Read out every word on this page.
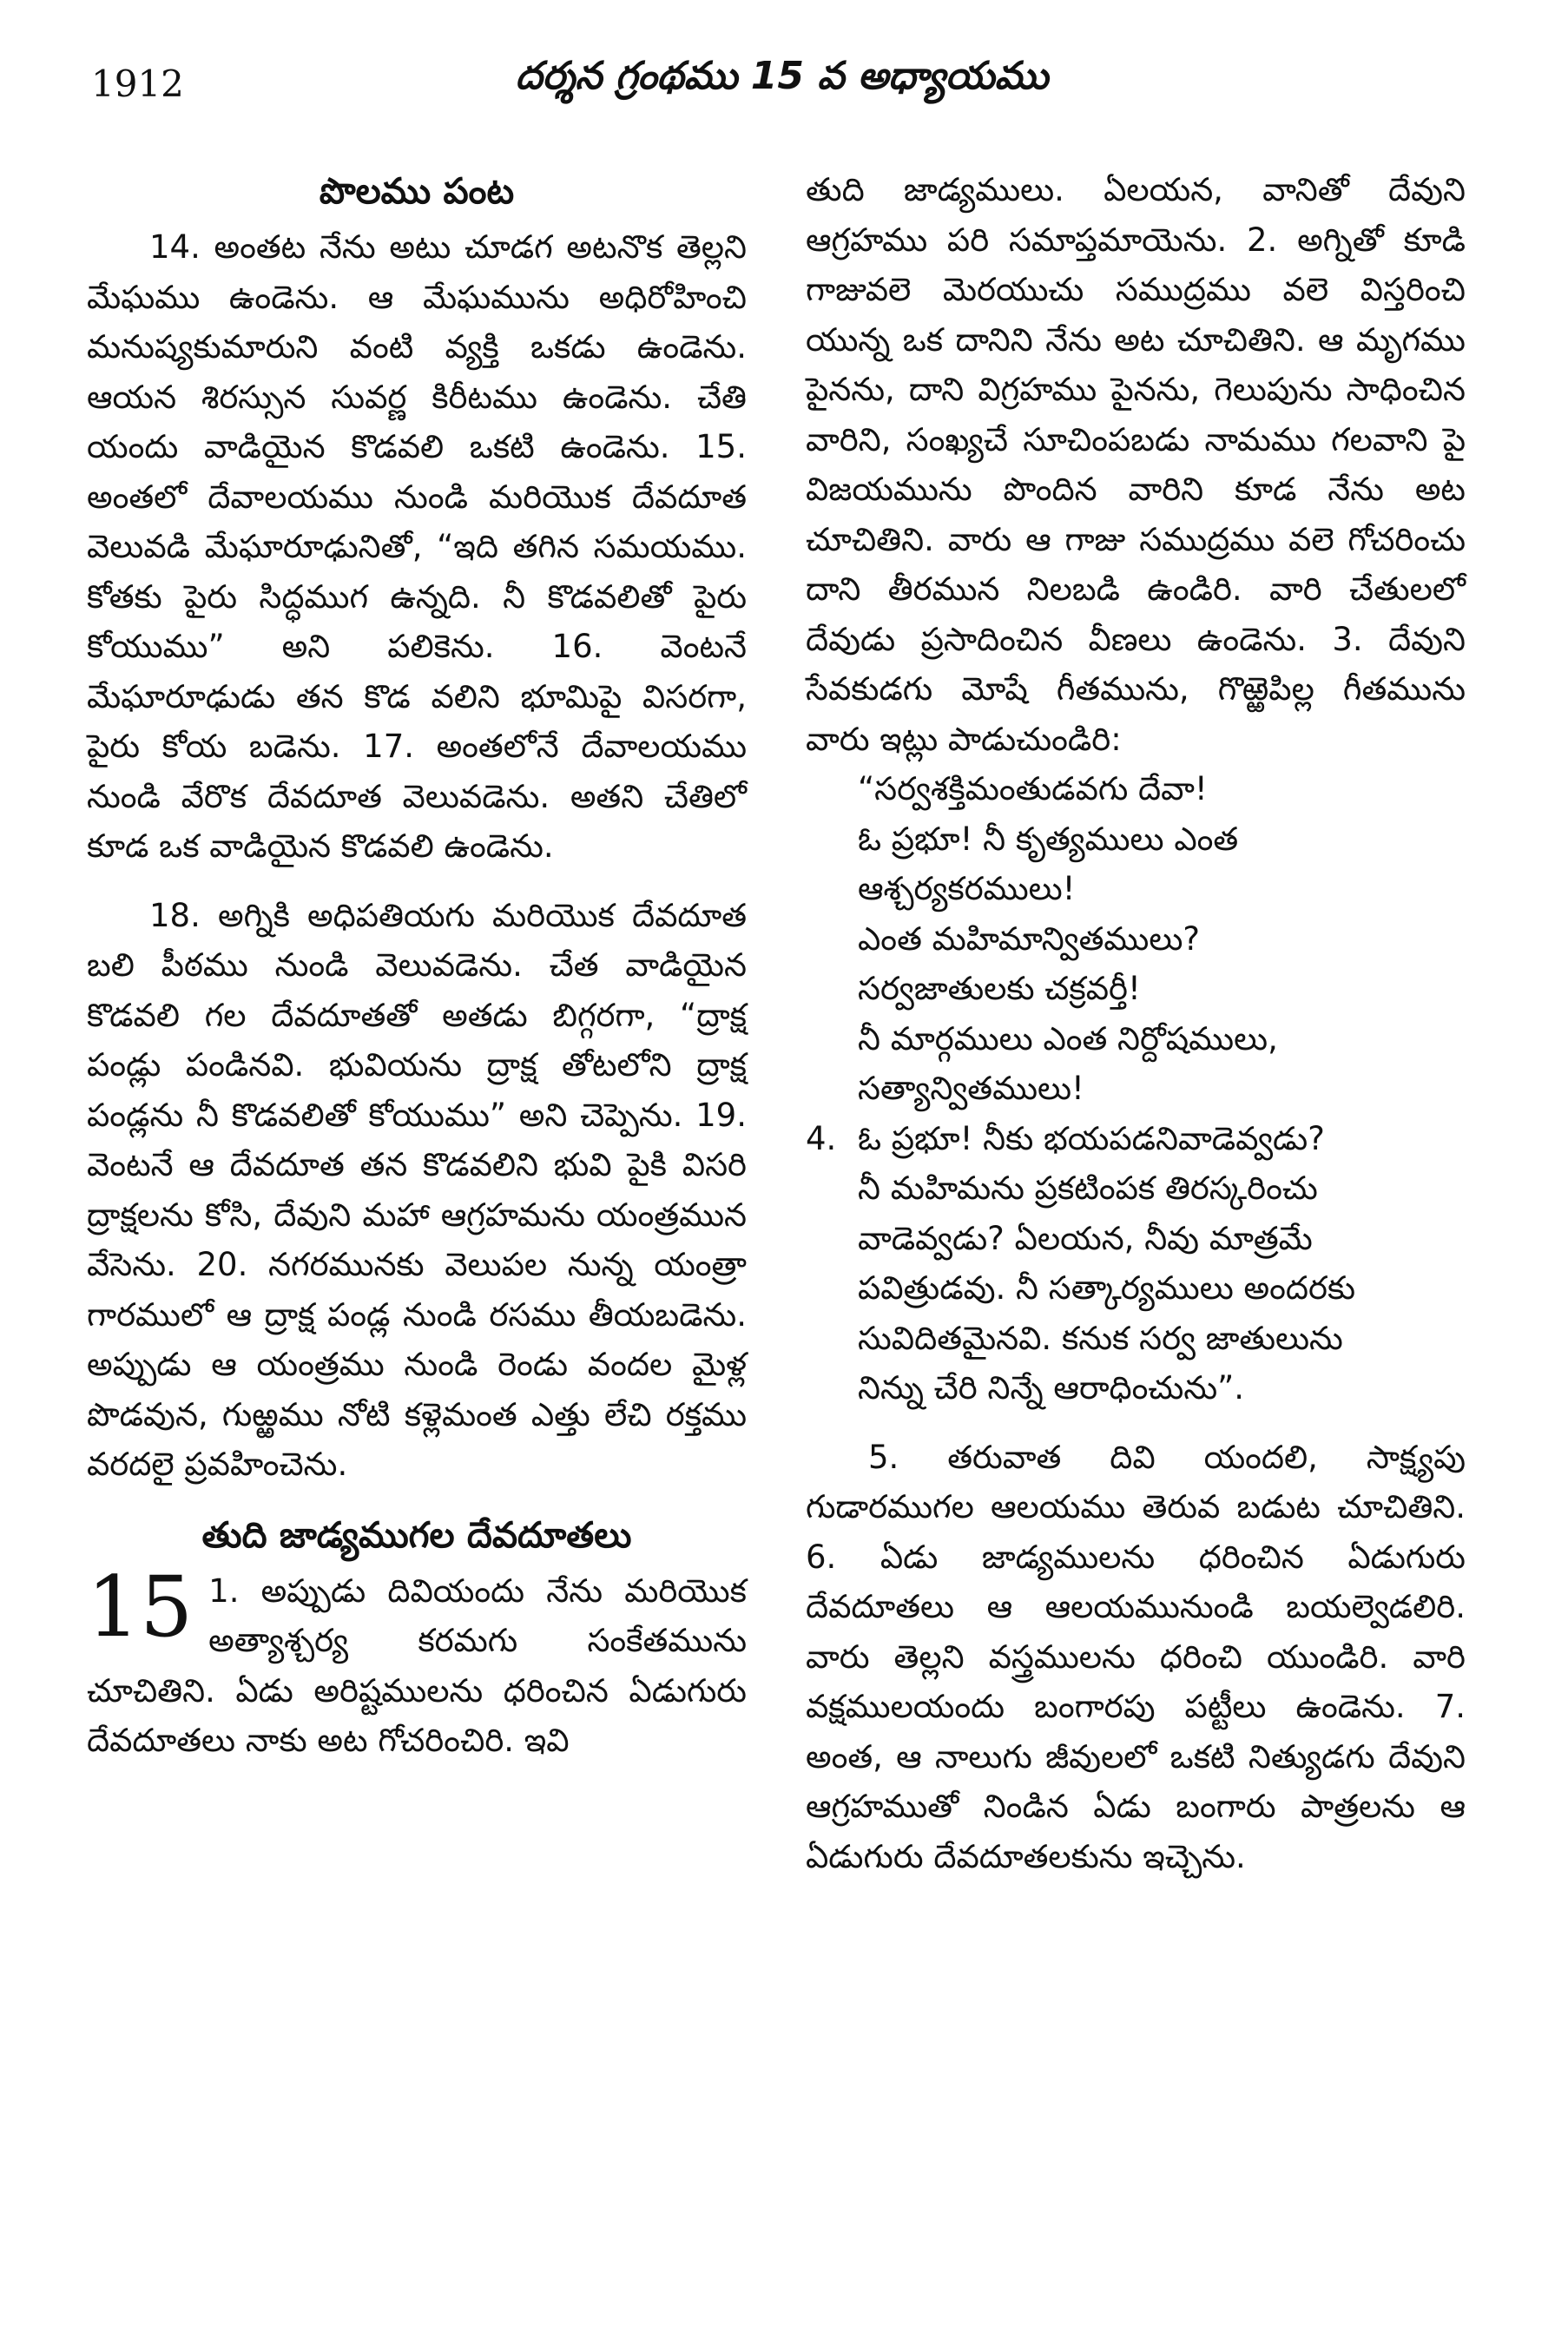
1912	దర్శన గ్రంథము 15 వ అధ్యాయము
పొలము పంట

14. అంతట నేను అటు చూడగ అటనొక తెల్లని మేఘము ఉండెను. ఆ మేఘమును అధిరోహించి మనుష్యకుమారుని వంటి వ్యక్తి ఒకడు ఉండెను. ఆయన శిరస్సున సువర్ణ కిరీటము ఉండెను. చేతి యందు వాడియైన కొడవలి ఒకటి ఉండెను. 15. అంతలో దేవాలయము నుండి మరియొక దేవదూత వెలువడి మేఘారూఢునితో, “ఇది తగిన సమయము. కోతకు పైరు సిద్ధముగ ఉన్నది. నీ కొడవలితో పైరు కోయుము” అని పలికెను. 16. వెంటనే మేఘారూఢుడు తన కొడ వలిని భూమిపై విసరగా, పైరు కోయ బడెను. 17. అంతలోనే దేవాలయము నుండి వేరొక దేవదూత వెలువడెను. అతని చేతిలో కూడ ఒక వాడియైన కొడవలి ఉండెను.

18. అగ్నికి అధిపతియగు మరియొక దేవదూత బలి పీఠము నుండి వెలువడెను. చేత వాడియైన కొడవలి గల దేవదూతతో అతడు బిగ్గరగా, “ద్రాక్ష పండ్లు పండినవి. భువియను ద్రాక్ష తోటలోని ద్రాక్ష పండ్లను నీ కొడవలితో కోయుము” అని చెప్పెను. 19. వెంటనే ఆ దేవదూత తన కొడవలిని భువి పైకి విసరి ద్రాక్షలను కోసి, దేవుని మహా ఆగ్రహమను యంత్రమున వేసెను. 20. నగరమునకు వెలుపల నున్న యంత్రా గారములో ఆ ద్రాక్ష పండ్ల నుండి రసము తీయబడెను. అప్పుడు ఆ యంత్రము నుండి రెండు వందల మైళ్ల పొడవున, గుఱ్ఱము నోటి కళ్లెమంత ఎత్తు లేచి రక్తము వరదలై ప్రవహించెను.

తుది జాడ్యముగల దేవదూతలు
15 1. అప్పుడు దివియందు నేను మరియొక అత్యాశ్చర్య కరమగు సంకేతమును చూచితిని. ఏడు అరిష్టములను ధరించిన ఏడుగురు దేవదూతలు నాకు అట గోచరించిరి. ఇవి

తుది జాడ్యములు. ఏలయన, వానితో దేవుని ఆగ్రహము పరి సమాప్తమాయెను. 2. అగ్నితో కూడి గాజువలె మెరయుచు సముద్రము వలె విస్తరించి యున్న ఒక దానిని నేను అట చూచితిని. ఆ మృగము పైనను, దాని విగ్రహము పైనను, గెలుపును సాధించిన వారిని, సంఖ్యచే సూచింపబడు నామము గలవాని పై విజయమును పొందిన వారిని కూడ నేను అట చూచితిని. వారు ఆ గాజు సముద్రము వలె గోచరించు దాని తీరమున నిలబడి ఉండిరి. వారి చేతులలో దేవుడు ప్రసాదించిన వీణలు ఉండెను. 3. దేవుని సేవకుడగు మోషే గీతమును, గొఱ్ఱెపిల్ల గీతమును వారు ఇట్లు పాడుచుండిరి:

“సర్వశక్తిమంతుడవగు దేవా!
ఓ ప్రభూ! నీ కృత్యములు ఎంత
ఆశ్చర్యకరములు!
ఎంత మహిమాన్వితములు?
సర్వజాతులకు చక్రవర్తీ!
నీ మార్గములు ఎంత నిర్దోషములు,
సత్యాన్వితములు!
4. ఓ ప్రభూ! నీకు భయపడనివాడెవ్వడు?
నీ మహిమను ప్రకటింపక తిరస్కరించు
వాడెవ్వడు? ఏలయన, నీవు మాత్రమే
పవిత్రుడవు. నీ సత్కార్యములు అందరకు
సువిదితమైనవి. కనుక సర్వ జాతులును
నిన్ను చేరి నిన్నే ఆరాధించును”.

5. తరువాత దివి యందలి, సాక్ష్యపు గుడారముగల ఆలయము తెరువ బడుట చూచితిని. 6. ఏడు జాడ్యములను ధరించిన ఏడుగురు దేవదూతలు ఆ ఆలయమునుండి బయల్వెడలిరి. వారు తెల్లని వస్త్రములను ధరించి యుండిరి. వారి వక్షములయందు బంగారపు పట్టీలు ఉండెను. 7. అంత, ఆ నాలుగు జీవులలో ఒకటి నిత్యుడగు దేవుని ఆగ్రహముతో నిండిన ఏడు బంగారు పాత్రలను ఆ ఏడుగురు దేవదూతలకును ఇచ్చెను.
